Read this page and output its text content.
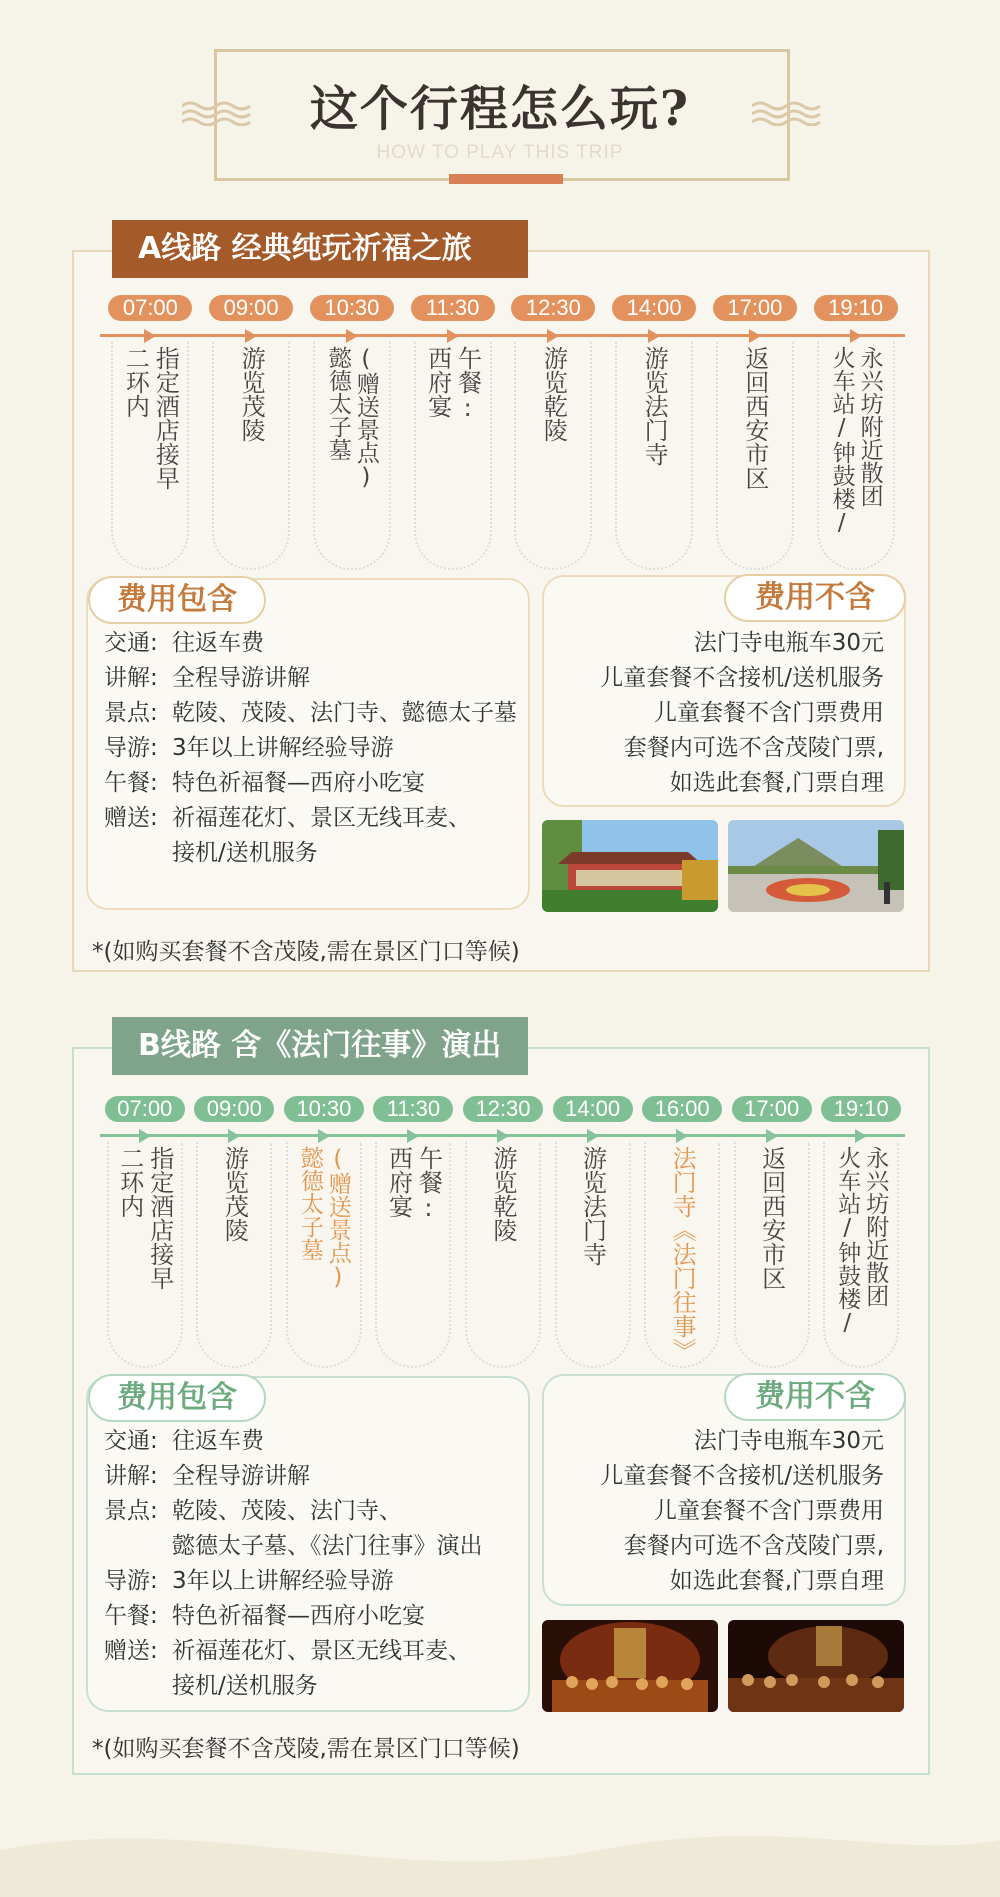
这个行程怎么玩?
HOW TO PLAY THIS TRIP
A线路 经典纯玩祈福之旅
07:00
指定酒店接早
二环内
09:00
游览茂陵
10:30
(赠送景点)
懿德太子墓
11:30
午餐:
西府宴
12:30
游览乾陵
14:00
游览法门寺
17:00
返回西安市区
19:10
永兴坊附近散团
火车站/钟鼓楼/
费用包含
交通: 往返车费
讲解: 全程导游讲解
景点: 乾陵、茂陵、法门寺、懿德太子墓
导游: 3年以上讲解经验导游
午餐: 特色祈福餐—西府小吃宴
赠送: 祈福莲花灯、景区无线耳麦、
接机/送机服务
费用不含
法门寺电瓶车30元
儿童套餐不含接机/送机服务
儿童套餐不含门票费用
套餐内可选不含茂陵门票,
如选此套餐,门票自理
*(如购买套餐不含茂陵,需在景区门口等候)
B线路 含《法门往事》演出
07:00
指定酒店接早
二环内
09:00
游览茂陵
10:30
(赠送景点)
懿德太子墓
11:30
午餐:
西府宴
12:30
游览乾陵
14:00
游览法门寺
16:00
法门寺《法门往事》
17:00
返回西安市区
19:10
永兴坊附近散团
火车站/钟鼓楼/
费用包含
交通: 往返车费
讲解: 全程导游讲解
景点: 乾陵、茂陵、法门寺、
懿德太子墓、《法门往事》演出
导游: 3年以上讲解经验导游
午餐: 特色祈福餐—西府小吃宴
赠送: 祈福莲花灯、景区无线耳麦、
接机/送机服务
费用不含
法门寺电瓶车30元
儿童套餐不含接机/送机服务
儿童套餐不含门票费用
套餐内可选不含茂陵门票,
如选此套餐,门票自理
*(如购买套餐不含茂陵,需在景区门口等候)
